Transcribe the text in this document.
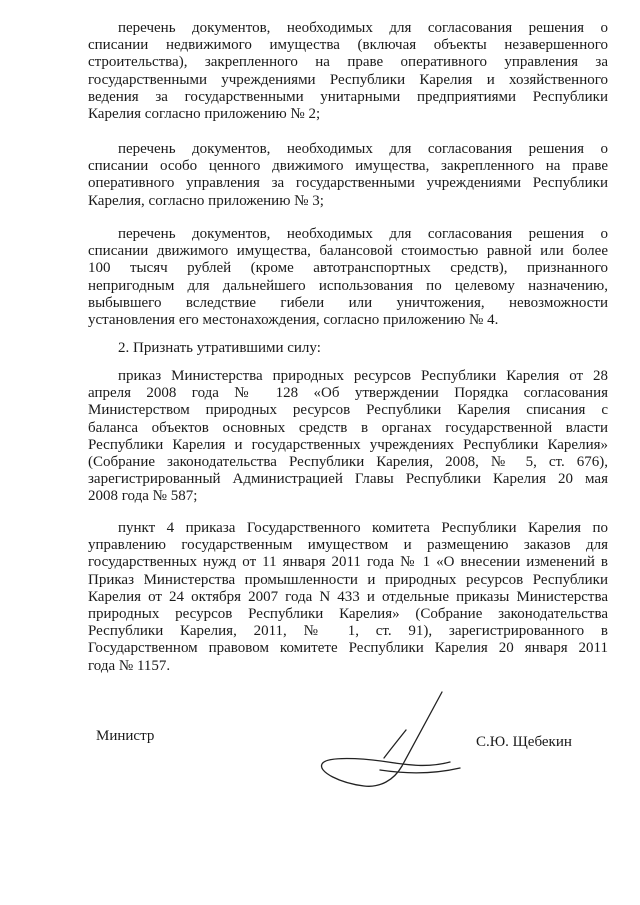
перечень документов, необходимых для согласования решения о
списании недвижимого имущества (включая объекты незавершенного
строительства), закрепленного на праве оперативного управления за
государственными учреждениями Республики Карелия и хозяйственного
ведения за государственными унитарными предприятиями Республики
Карелия согласно приложению № 2;

перечень документов, необходимых для согласования решения о
списании особо ценного движимого имущества, закрепленного на праве
оперативного управления за государственными учреждениями Республики
Карелия, согласно приложению № 3;

перечень документов, необходимых для согласования решения о
списании движимого имущества, балансовой стоимостью равной или более
100 тысяч рублей (кроме автотранспортных средств), признанного
непригодным для дальнейшего использования по целевому назначению,
выбывшего вследствие гибели или уничтожения, невозможности
установления его местонахождения, согласно приложению № 4.

2. Признать утратившими силу:

приказ Министерства природных ресурсов Республики Карелия от 28
апреля 2008 года № 128 «Об утверждении Порядка согласования
Министерством природных ресурсов Республики Карелия списания с
баланса объектов основных средств в органах государственной власти
Республики Карелия и государственных учреждениях Республики Карелия»
(Собрание законодательства Республики Карелия, 2008, № 5, ст. 676),
зарегистрированный Администрацией Главы Республики Карелия 20 мая
2008 года № 587;

пункт 4 приказа Государственного комитета Республики Карелия по
управлению государственным имуществом и размещению заказов для
государственных нужд от 11 января 2011 года № 1 «О внесении изменений в
Приказ Министерства промышленности и природных ресурсов Республики
Карелия от 24 октября 2007 года N 433 и отдельные приказы Министерства
природных ресурсов Республики Карелия» (Собрание законодательства
Республики Карелия, 2011, № 1, ст. 91), зарегистрированного в
Государственном правовом комитете Республики Карелия 20 января 2011
года № 1157.

Министр	С.Ю. Щебекин
